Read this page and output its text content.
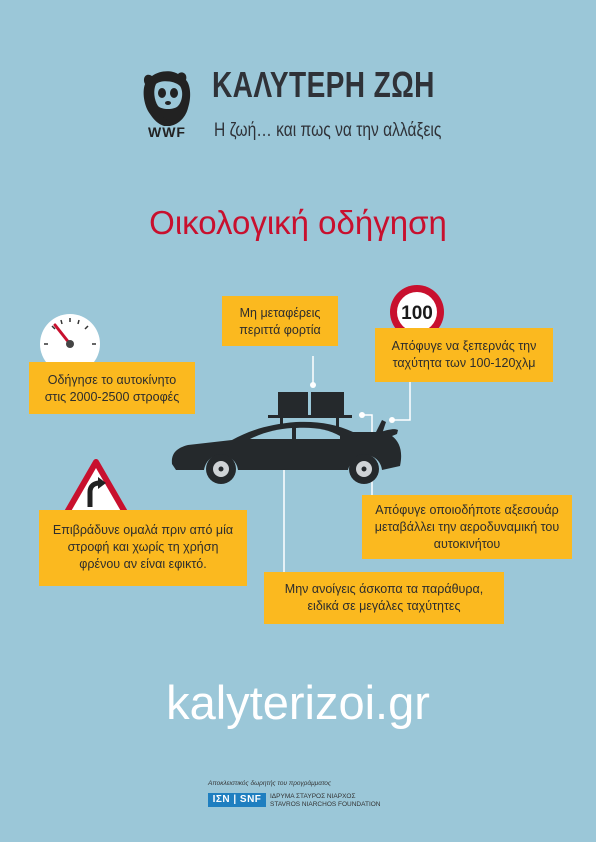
WWF
ΚΑΛΥΤΕΡΗ ΖΩΗ
Η ζωή… και πως να την αλλάξεις
Οικολογική οδήγηση
100
Μη μεταφέρεις περιττά φορτία
Απόφυγε να ξεπερνάς την ταχύτητα των 100-120χλμ
Οδήγησε το αυτοκίνητο στις 2000-2500 στροφές
Επιβράδυνε ομαλά πριν από μία στροφή και χωρίς τη χρήση φρένου αν είναι εφικτό.
Απόφυγε οποιοδήποτε αξεσουάρ μεταβάλλει την αεροδυναμική του αυτοκινήτου
Μην ανοίγεις άσκοπα τα παράθυρα, ειδικά σε μεγάλες ταχύτητες
kalyterizoi.gr
Αποκλειστικός δωρητής του προγράμματος
ΙΣΝ | SNF	ΙΔΡΥΜΑ ΣΤΑΥΡΟΣ ΝΙΑΡΧΟΣ
STAVROS NIARCHOS FOUNDATION
